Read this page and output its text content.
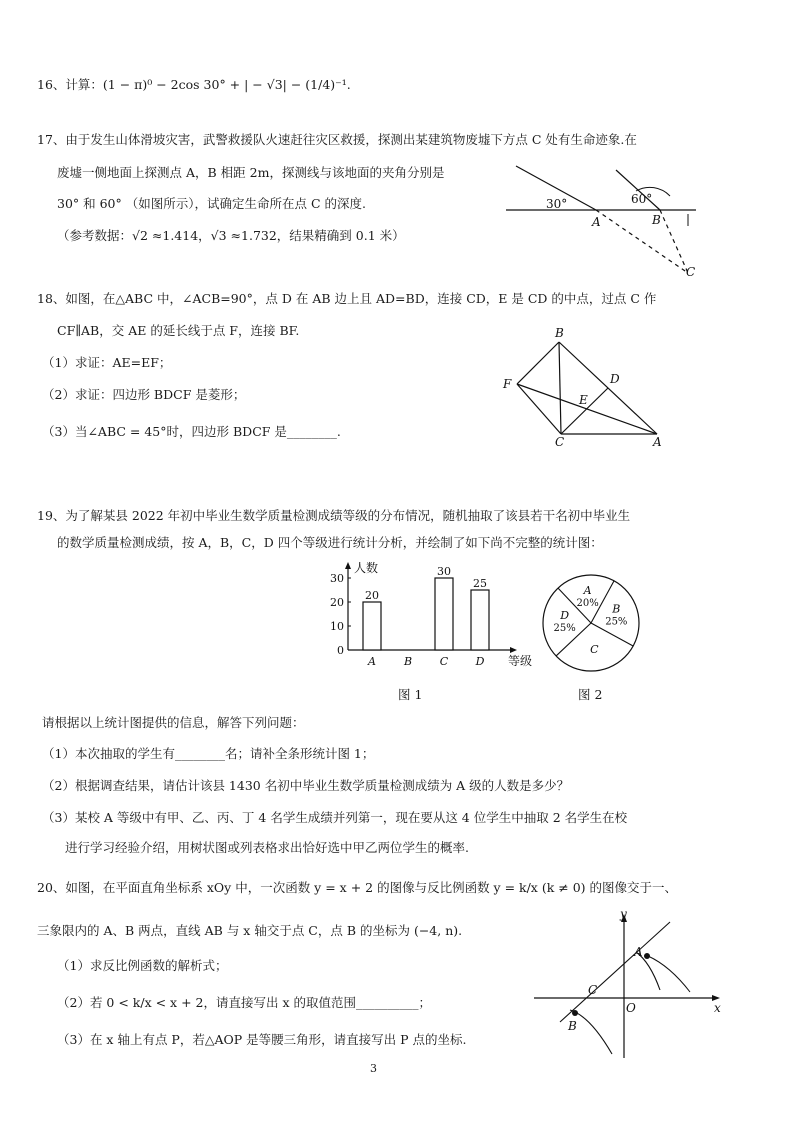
16、计算：(1 − π)⁰ − 2cos 30° + | − √3| − (1/4)⁻¹.
17、由于发生山体滑坡灾害，武警救援队火速赶往灾区救援，探测出某建筑物废墟下方点 C 处有生命迹象.在
废墟一侧地面上探测点 A，B 相距 2m，探测线与该地面的夹角分别是
30° 和 60° （如图所示），试确定生命所在点 C 的深度.
（参考数据：√2 ≈1.414，√3 ≈1.732，结果精确到 0.1 米）
30°	60°
A	B
C
18、如图，在△ABC 中，∠ACB=90°，点 D 在 AB 边上且 AD=BD，连接 CD，E 是 CD 的中点，过点 C 作
CF∥AB，交 AE 的延长线于点 F，连接 BF.
（1）求证：AE=EF；
（2）求证：四边形 BDCF 是菱形；
（3）当∠ABC = 45°时，四边形 BDCF 是________.
B
D
F
E
C	A
19、为了解某县 2022 年初中毕业生数学质量检测成绩等级的分布情况，随机抽取了该县若干名初中毕业生
的数学质量检测成绩，按 A，B，C，D 四个等级进行统计分析，并绘制了如下尚不完整的统计图：
人数
0
10
20
30
20
A	B
30
C
25
D 等级
B
25%
C
D
25%
A
20%
图 1	图 2
请根据以上统计图提供的信息，解答下列问题：
（1）本次抽取的学生有________名；请补全条形统计图 1；
（2）根据调查结果，请估计该县 1430 名初中毕业生数学质量检测成绩为 A 级的人数是多少？
（3）某校 A 等级中有甲、乙、丙、丁 4 名学生成绩并列第一，现在要从这 4 位学生中抽取 2 名学生在校
进行学习经验介绍，用树状图或列表格求出恰好选中甲乙两位学生的概率.
20、如图，在平面直角坐标系 xOy 中，一次函数 y = x + 2 的图像与反比例函数 y = k/x (k ≠ 0) 的图像交于一、
三象限内的 A、B 两点，直线 AB 与 x 轴交于点 C，点 B 的坐标为 (−4, n).
（1）求反比例函数的解析式；
（2）若 0 < k/x < x + 2，请直接写出 x 的取值范围__________；
（3）在 x 轴上有点 P，若△AOP 是等腰三角形，请直接写出 P 点的坐标.
y
x
A
B
C
O
3
